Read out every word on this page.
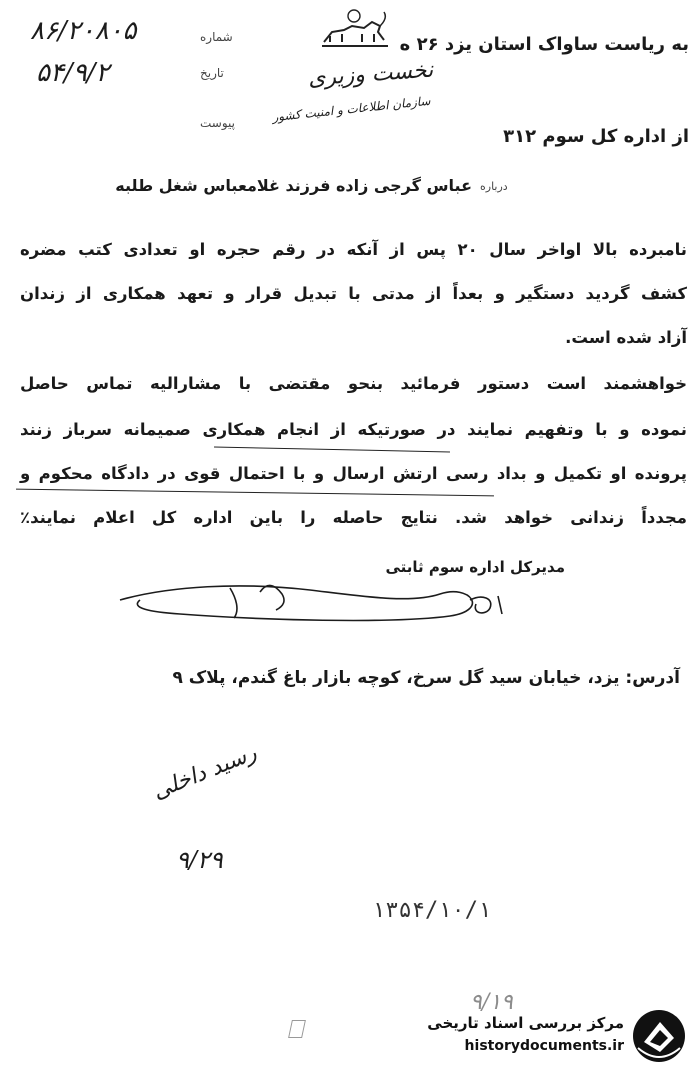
به ریاست ساواک استان یزد ۲۶ ه
شماره
۸۶/۲۰۸۰۵
تاریخ
۵۴/۹/۲
پیوست
نخست وزیری
سازمان اطلاعات و امنیت کشور
از اداره کل سوم ۳۱۲
درباره
عباس گرجی زاده فرزند غلامعباس شغل طلبه
نامبرده بالا اواخر سال ۲۰ پس از آنکه در رقم حجره او تعدادی کتب مضره
کشف گردید دستگیر و بعداً از مدتی با تبدیل قرار و تعهد همکاری از زندان
آزاد شده است.
خواهشمند است دستور فرمائید بنحو مقتضی با مشارالیه تماس حاصل
نموده و با وتفهیم نمایند در صورتیکه از انجام همکاری صمیمانه سرباز زنند
پرونده او تکمیل و بداد رسی ارتش ارسال و با احتمال قوی در دادگاه محکوم و
مجدداً زندانی خواهد شد. نتایج حاصله را باین اداره کل اعلام نمایند٪
مدیرکل اداره سوم ثابتی
آدرس: یزد، خیابان سید گل سرخ، کوچه بازار باغ گندم، پلاک ۹
رسید داخلی
۹/۲۹
۱۳۵۴/۱۰/۱
۹/۱۹
مرکز بررسی اسناد تاریخی
historydocuments.ir
